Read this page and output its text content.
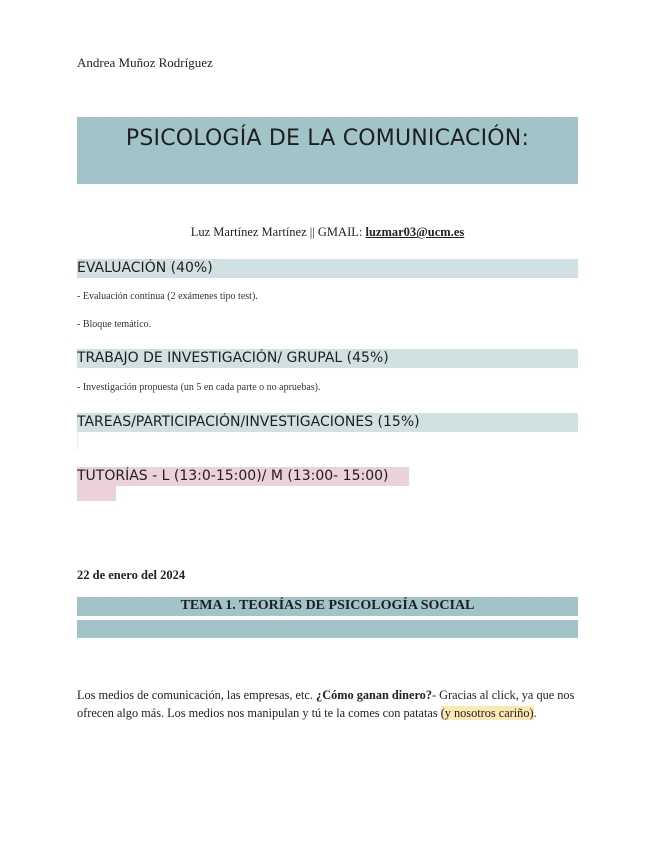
Andrea Muñoz Rodríguez
PSICOLOGÍA DE LA COMUNICACIÓN:
Luz Martínez Martínez || GMAIL: luzmar03@ucm.es
EVALUACIÓN (40%)
- Evaluación continua (2 exámenes tipo test).
- Bloque temático.
TRABAJO DE INVESTIGACIÓN/ GRUPAL (45%)
- Investigación propuesta (un 5 en cada parte o no apruebas).
TAREAS/PARTICIPACIÓN/INVESTIGACIONES (15%)
TUTORÍAS - L (13:0-15:00)/ M (13:00- 15:00)
22 de enero del 2024
TEMA 1. TEORÍAS DE PSICOLOGÍA SOCIAL
Los medios de comunicación, las empresas, etc. ¿Cómo ganan dinero?- Gracias al click, ya que nos ofrecen algo más. Los medios nos manipulan y tú te la comes con patatas (y nosotros cariño).
